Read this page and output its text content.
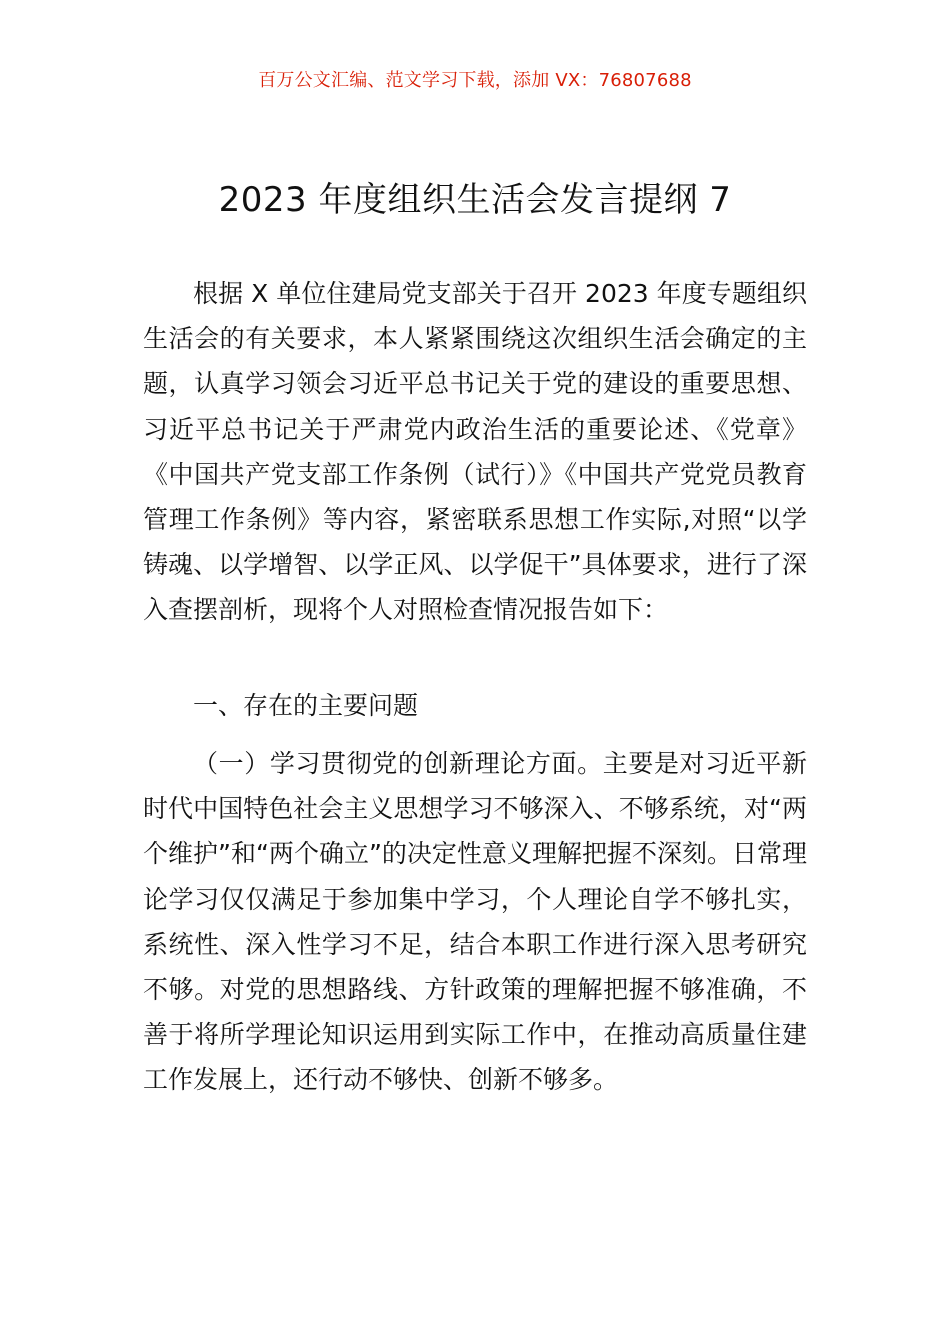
百万公文汇编、范文学习下载，添加 VX：76807688
2023 年度组织生活会发言提纲 7

根据 X 单位住建局党支部关于召开 2023 年度专题组织生活会的有关要求，本人紧紧围绕这次组织生活会确定的主题，认真学习领会习近平总书记关于党的建设的重要思想、习近平总书记关于严肃党内政治生活的重要论述、《党章》《中国共产党支部工作条例（试行）》《中国共产党党员教育管理工作条例》等内容，紧密联系思想工作实际,对照“以学铸魂、以学增智、以学正风、以学促干”具体要求，进行了深入查摆剖析，现将个人对照检查情况报告如下：

一、存在的主要问题

（一）学习贯彻党的创新理论方面。主要是对习近平新时代中国特色社会主义思想学习不够深入、不够系统，对“两个维护”和“两个确立”的决定性意义理解把握不深刻。日常理论学习仅仅满足于参加集中学习，个人理论自学不够扎实，系统性、深入性学习不足，结合本职工作进行深入思考研究不够。对党的思想路线、方针政策的理解把握不够准确，不善于将所学理论知识运用到实际工作中，在推动高质量住建工作发展上，还行动不够快、创新不够多。
